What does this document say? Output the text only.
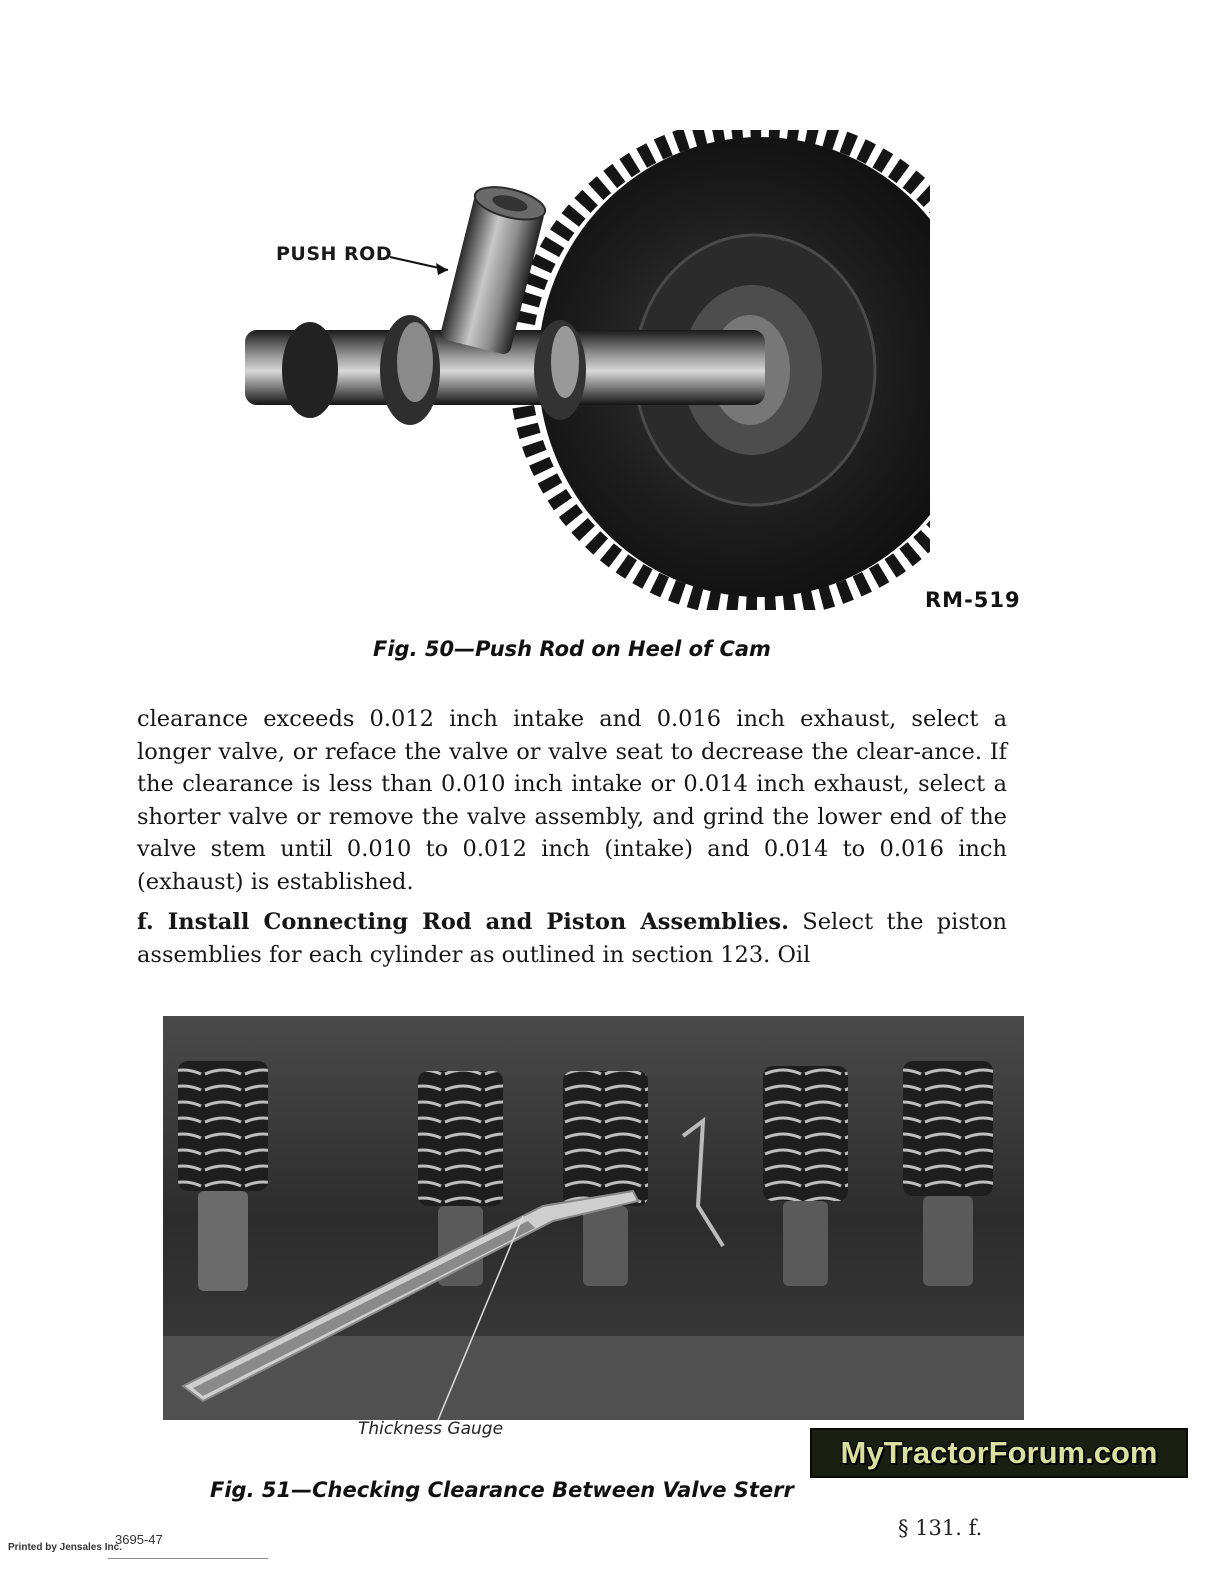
PUSH ROD
RM-519
Fig. 50—Push Rod on Heel of Cam
clearance exceeds 0.012 inch intake and 0.016 inch exhaust, select a longer valve, or reface the valve or valve seat to decrease the clear-ance. If the clearance is less than 0.010 inch intake or 0.014 inch exhaust, select a shorter valve or remove the valve assembly, and grind the lower end of the valve stem until 0.010 to 0.012 inch (intake) and 0.014 to 0.016 inch (exhaust) is established.
f. Install Connecting Rod and Piston Assemblies. Select the piston assemblies for each cylinder as outlined in section 123. Oil
Thickness Gauge
Fig. 51—Checking Clearance Between Valve Sterr
MyTractorForum.com
§ 131. f.
Printed by Jensales Inc.
3695-47
